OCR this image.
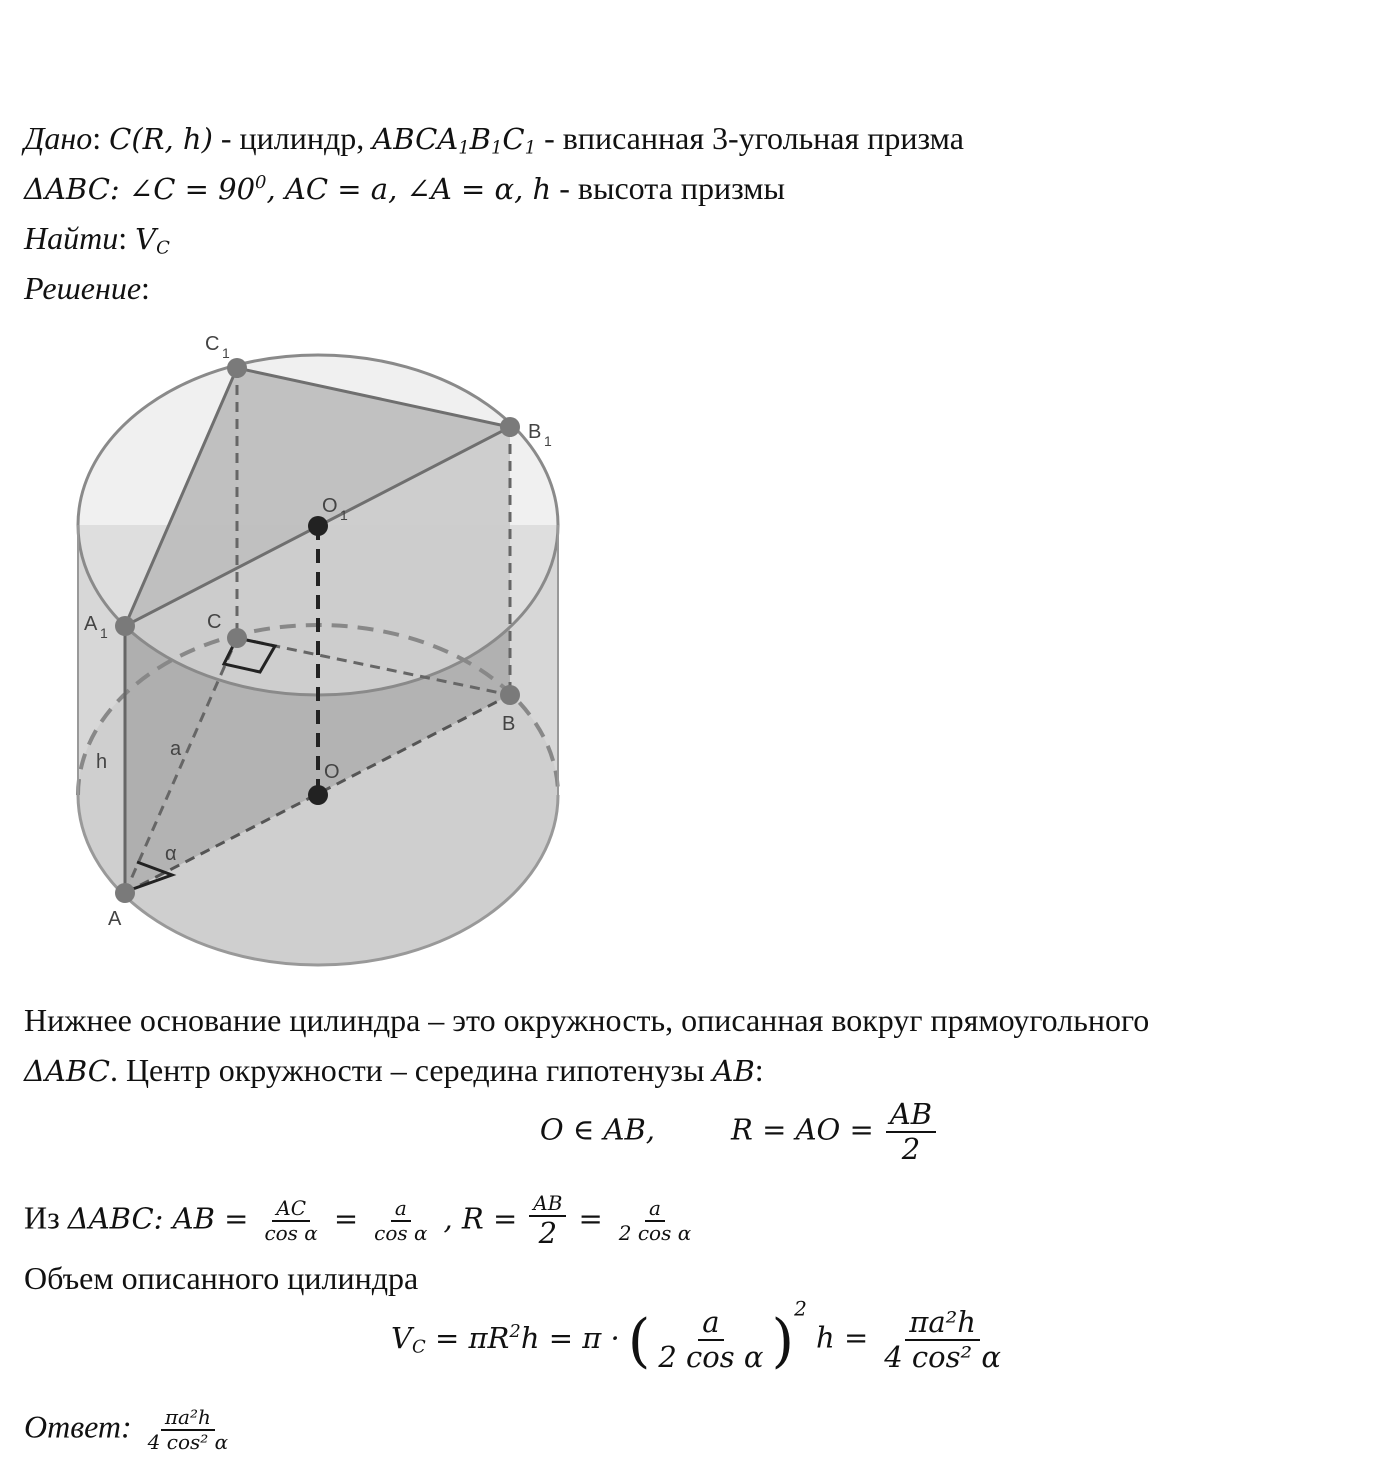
Дано: C(R, h) - цилиндр, $ABCA_1B_1C_1$ - вписанная 3-угольная призма
ΔABC: ∠C = $90^0$, AC = a, ∠A = α, h - высота призмы
Найти: $V_C$
Решение:
C 1
B 1
O 1
A 1	C
B
O
A
h
a
α
Нижнее основание цилиндра – это окружность, описанная вокруг прямоугольного
ΔABC. Центр окружности – середина гипотенузы AB:
O ∈ AB,	R = AO = $\frac{AB}{2}$
Из ΔABC: AB = $\frac{AC}{\text{cos α}} = \frac{a}{\text{cos α}}$ , $R = \frac{AB}{2} = \frac{a}{\text{2 cos α}}$
Объем описанного цилиндра
$V_C = \pi R^2h = \pi$ · ( $\frac{a}{\text{2 cos α}} )^2$ $h = \frac{\text{πa²h}}{\text{4 cos² α}}$
Ответ: $\frac{\text{πa²h}}{\text{4 cos² α}}$
